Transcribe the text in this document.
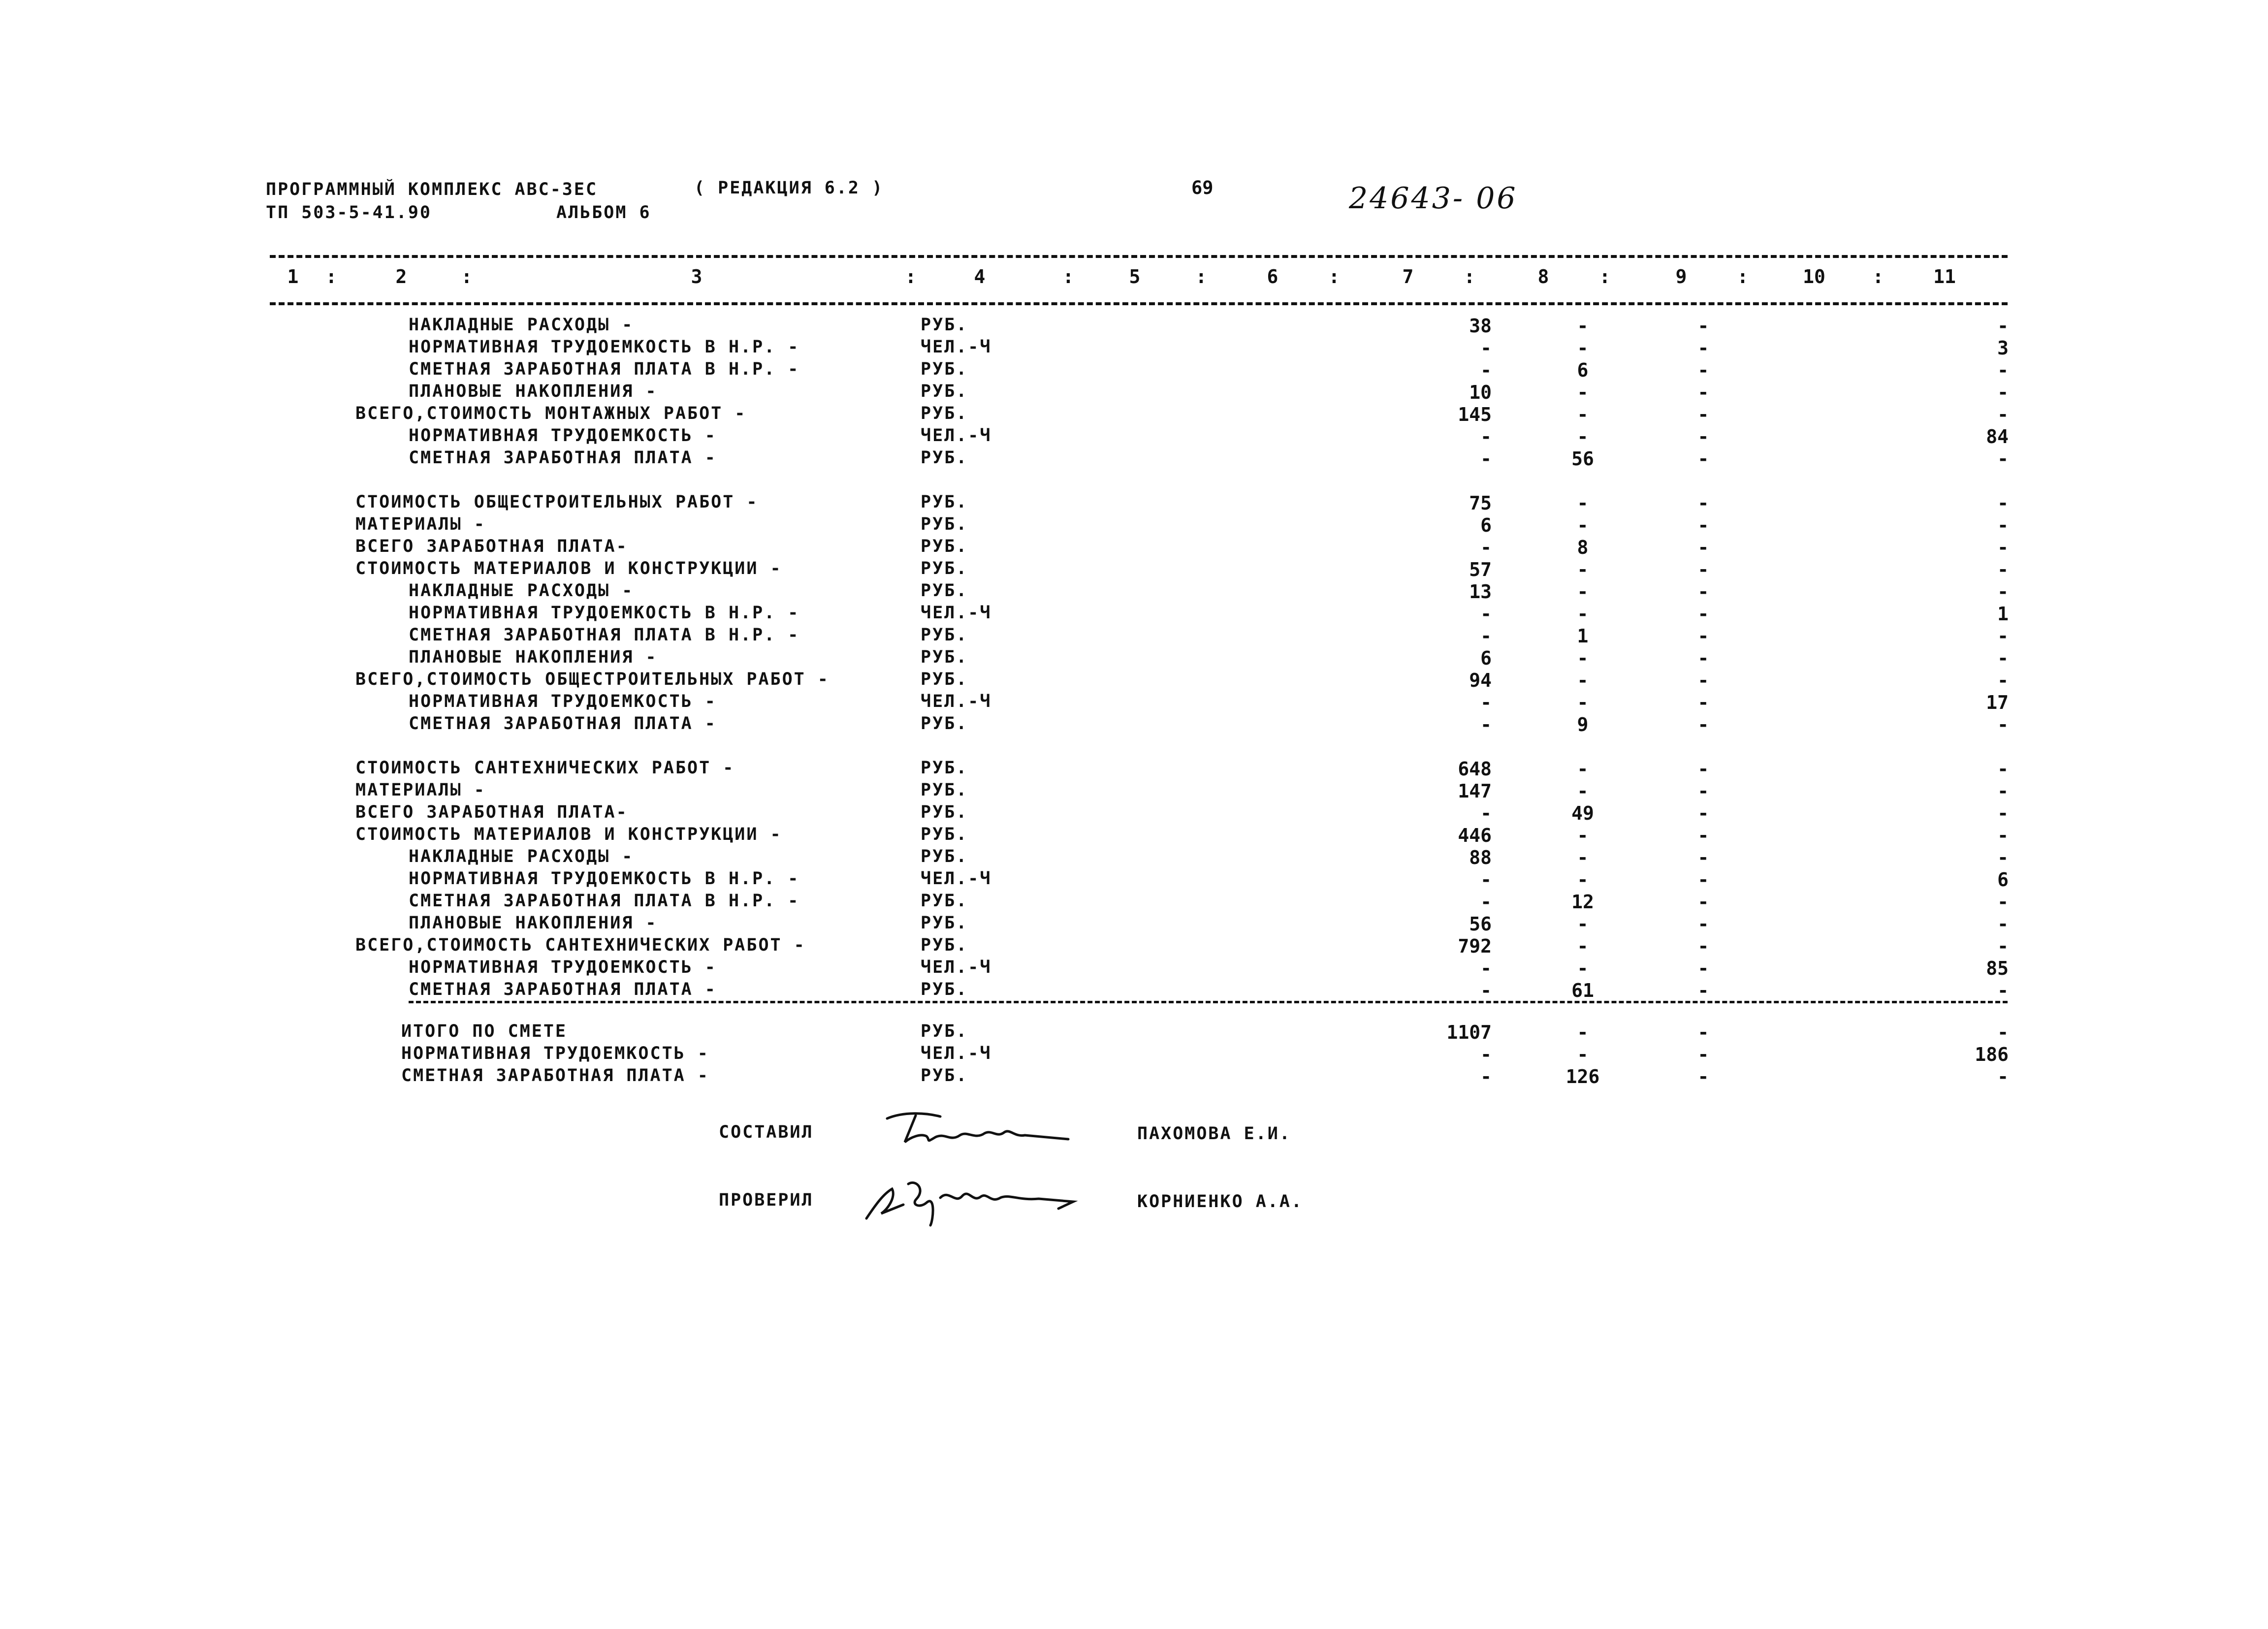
ПРОГРАММНЫЙ КОМПЛЕКС АВС-3ЕС	( РЕДАКЦИЯ 6.2 )	69	24643- 06
ТП 503-5-41.90	АЛЬБОМ 6
1	2	3	4	5	6	7	8	9	10	11
:	:	:	:	:	:	:	:	:	:
НАКЛАДНЫЕ РАСХОДЫ -	РУБ.	38	-	-	-
НОРМАТИВНАЯ ТРУДОЕМКОСТЬ В Н.Р. -	ЧЕЛ.-Ч	-	-	-	3
СМЕТНАЯ ЗАРАБОТНАЯ ПЛАТА В Н.Р. -	РУБ.	-	6	-	-
ПЛАНОВЫЕ НАКОПЛЕНИЯ -	РУБ.	10	-	-	-
ВСЕГО,СТОИМОСТЬ МОНТАЖНЫХ РАБОТ -	РУБ.	145	-	-	-
НОРМАТИВНАЯ ТРУДОЕМКОСТЬ -	ЧЕЛ.-Ч	-	-	-	84
СМЕТНАЯ ЗАРАБОТНАЯ ПЛАТА -	РУБ.	-	56	-	-
СТОИМОСТЬ ОБЩЕСТРОИТЕЛЬНЫХ РАБОТ -	РУБ.	75	-	-	-
МАТЕРИАЛЫ -	РУБ.	6	-	-	-
ВСЕГО ЗАРАБОТНАЯ ПЛАТА-	РУБ.	-	8	-	-
СТОИМОСТЬ МАТЕРИАЛОВ И КОНСТРУКЦИИ -	РУБ.	57	-	-	-
НАКЛАДНЫЕ РАСХОДЫ -	РУБ.	13	-	-	-
НОРМАТИВНАЯ ТРУДОЕМКОСТЬ В Н.Р. -	ЧЕЛ.-Ч	-	-	-	1
СМЕТНАЯ ЗАРАБОТНАЯ ПЛАТА В Н.Р. -	РУБ.	-	1	-	-
ПЛАНОВЫЕ НАКОПЛЕНИЯ -	РУБ.	6	-	-	-
ВСЕГО,СТОИМОСТЬ ОБЩЕСТРОИТЕЛЬНЫХ РАБОТ -	РУБ.	94	-	-	-
НОРМАТИВНАЯ ТРУДОЕМКОСТЬ -	ЧЕЛ.-Ч	-	-	-	17
СМЕТНАЯ ЗАРАБОТНАЯ ПЛАТА -	РУБ.	-	9	-	-
СТОИМОСТЬ САНТЕХНИЧЕСКИХ РАБОТ -	РУБ.	648	-	-	-
МАТЕРИАЛЫ -	РУБ.	147	-	-	-
ВСЕГО ЗАРАБОТНАЯ ПЛАТА-	РУБ.	-	49	-	-
СТОИМОСТЬ МАТЕРИАЛОВ И КОНСТРУКЦИИ -	РУБ.	446	-	-	-
НАКЛАДНЫЕ РАСХОДЫ -	РУБ.	88	-	-	-
НОРМАТИВНАЯ ТРУДОЕМКОСТЬ В Н.Р. -	ЧЕЛ.-Ч	-	-	-	6
СМЕТНАЯ ЗАРАБОТНАЯ ПЛАТА В Н.Р. -	РУБ.	-	12	-	-
ПЛАНОВЫЕ НАКОПЛЕНИЯ -	РУБ.	56	-	-	-
ВСЕГО,СТОИМОСТЬ САНТЕХНИЧЕСКИХ РАБОТ -	РУБ.	792	-	-	-
НОРМАТИВНАЯ ТРУДОЕМКОСТЬ -	ЧЕЛ.-Ч	-	-	-	85
СМЕТНАЯ ЗАРАБОТНАЯ ПЛАТА -	РУБ.	-	61	-	-
ИТОГО ПО СМЕТЕ	РУБ.	1107	-	-	-
НОРМАТИВНАЯ ТРУДОЕМКОСТЬ -	ЧЕЛ.-Ч	-	-	-	186
СМЕТНАЯ ЗАРАБОТНАЯ ПЛАТА -	РУБ.	-	126	-	-
СОСТАВИЛ	ПАХОМОВА Е.И.
ПРОВЕРИЛ	КОРНИЕНКО А.А.
